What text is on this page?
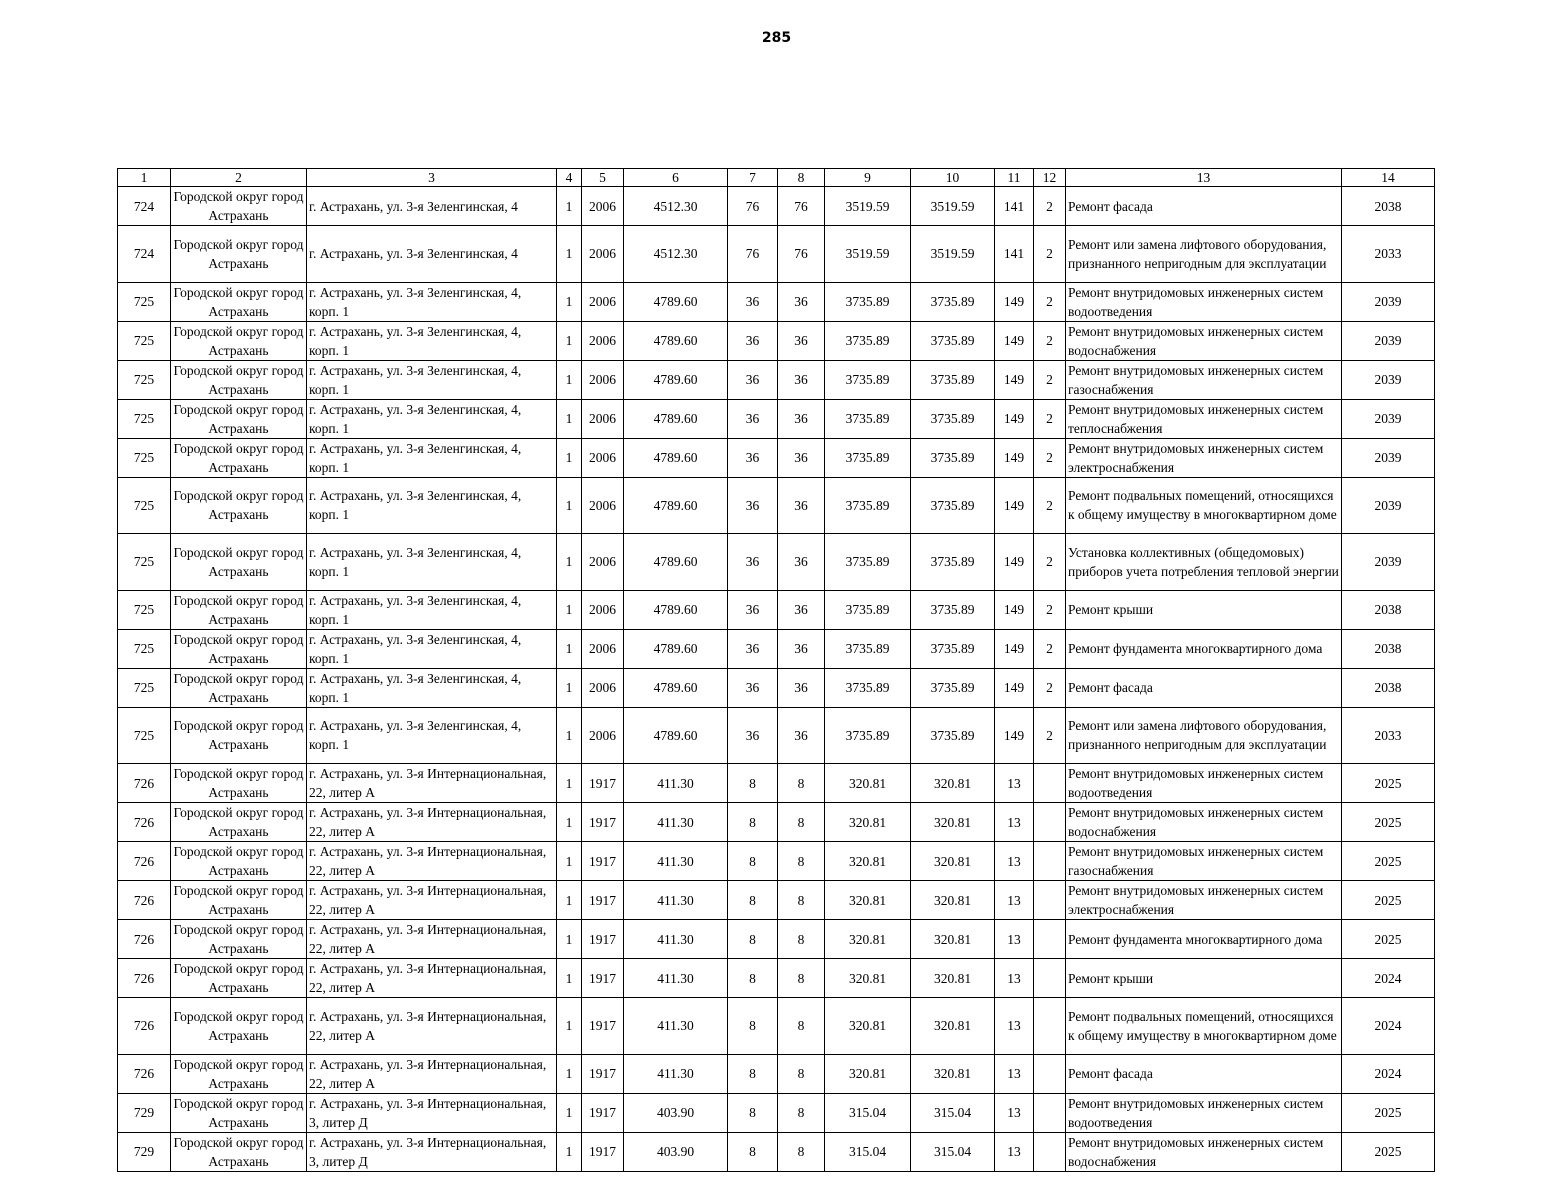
285
1	2	3	4	5	6	7	8	9	10	11	12	13	14
724	Городской округ город Астрахань	г. Астрахань, ул. 3-я Зеленгинская, 4	1	2006	4512.30	76	76	3519.59	3519.59	141	2	Ремонт фасада	2038
724	Городской округ город Астрахань	г. Астрахань, ул. 3-я Зеленгинская, 4	1	2006	4512.30	76	76	3519.59	3519.59	141	2	Ремонт или замена лифтового оборудования, признанного непригодным для эксплуатации	2033
725	Городской округ город Астрахань	г. Астрахань, ул. 3-я Зеленгинская, 4, корп. 1	1	2006	4789.60	36	36	3735.89	3735.89	149	2	Ремонт внутридомовых инженерных систем водоотведения	2039
725	Городской округ город Астрахань	г. Астрахань, ул. 3-я Зеленгинская, 4, корп. 1	1	2006	4789.60	36	36	3735.89	3735.89	149	2	Ремонт внутридомовых инженерных систем водоснабжения	2039
725	Городской округ город Астрахань	г. Астрахань, ул. 3-я Зеленгинская, 4, корп. 1	1	2006	4789.60	36	36	3735.89	3735.89	149	2	Ремонт внутридомовых инженерных систем газоснабжения	2039
725	Городской округ город Астрахань	г. Астрахань, ул. 3-я Зеленгинская, 4, корп. 1	1	2006	4789.60	36	36	3735.89	3735.89	149	2	Ремонт внутридомовых инженерных систем теплоснабжения	2039
725	Городской округ город Астрахань	г. Астрахань, ул. 3-я Зеленгинская, 4, корп. 1	1	2006	4789.60	36	36	3735.89	3735.89	149	2	Ремонт внутридомовых инженерных систем электроснабжения	2039
725	Городской округ город Астрахань	г. Астрахань, ул. 3-я Зеленгинская, 4, корп. 1	1	2006	4789.60	36	36	3735.89	3735.89	149	2	Ремонт подвальных помещений, относящихся к общему имуществу в многоквартирном доме	2039
725	Городской округ город Астрахань	г. Астрахань, ул. 3-я Зеленгинская, 4, корп. 1	1	2006	4789.60	36	36	3735.89	3735.89	149	2	Установка коллективных (общедомовых) приборов учета потребления тепловой энергии	2039
725	Городской округ город Астрахань	г. Астрахань, ул. 3-я Зеленгинская, 4, корп. 1	1	2006	4789.60	36	36	3735.89	3735.89	149	2	Ремонт крыши	2038
725	Городской округ город Астрахань	г. Астрахань, ул. 3-я Зеленгинская, 4, корп. 1	1	2006	4789.60	36	36	3735.89	3735.89	149	2	Ремонт фундамента многоквартирного дома	2038
725	Городской округ город Астрахань	г. Астрахань, ул. 3-я Зеленгинская, 4, корп. 1	1	2006	4789.60	36	36	3735.89	3735.89	149	2	Ремонт фасада	2038
725	Городской округ город Астрахань	г. Астрахань, ул. 3-я Зеленгинская, 4, корп. 1	1	2006	4789.60	36	36	3735.89	3735.89	149	2	Ремонт или замена лифтового оборудования, признанного непригодным для эксплуатации	2033
726	Городской округ город Астрахань	г. Астрахань, ул. 3-я Интернациональная, 22, литер А	1	1917	411.30	8	8	320.81	320.81	13		Ремонт внутридомовых инженерных систем водоотведения	2025
726	Городской округ город Астрахань	г. Астрахань, ул. 3-я Интернациональная, 22, литер А	1	1917	411.30	8	8	320.81	320.81	13		Ремонт внутридомовых инженерных систем водоснабжения	2025
726	Городской округ город Астрахань	г. Астрахань, ул. 3-я Интернациональная, 22, литер А	1	1917	411.30	8	8	320.81	320.81	13		Ремонт внутридомовых инженерных систем газоснабжения	2025
726	Городской округ город Астрахань	г. Астрахань, ул. 3-я Интернациональная, 22, литер А	1	1917	411.30	8	8	320.81	320.81	13		Ремонт внутридомовых инженерных систем электроснабжения	2025
726	Городской округ город Астрахань	г. Астрахань, ул. 3-я Интернациональная, 22, литер А	1	1917	411.30	8	8	320.81	320.81	13		Ремонт фундамента многоквартирного дома	2025
726	Городской округ город Астрахань	г. Астрахань, ул. 3-я Интернациональная, 22, литер А	1	1917	411.30	8	8	320.81	320.81	13		Ремонт крыши	2024
726	Городской округ город Астрахань	г. Астрахань, ул. 3-я Интернациональная, 22, литер А	1	1917	411.30	8	8	320.81	320.81	13		Ремонт подвальных помещений, относящихся к общему имуществу в многоквартирном доме	2024
726	Городской округ город Астрахань	г. Астрахань, ул. 3-я Интернациональная, 22, литер А	1	1917	411.30	8	8	320.81	320.81	13		Ремонт фасада	2024
729	Городской округ город Астрахань	г. Астрахань, ул. 3-я Интернациональная, 3, литер Д	1	1917	403.90	8	8	315.04	315.04	13		Ремонт внутридомовых инженерных систем водоотведения	2025
729	Городской округ город Астрахань	г. Астрахань, ул. 3-я Интернациональная, 3, литер Д	1	1917	403.90	8	8	315.04	315.04	13		Ремонт внутридомовых инженерных систем водоснабжения	2025
